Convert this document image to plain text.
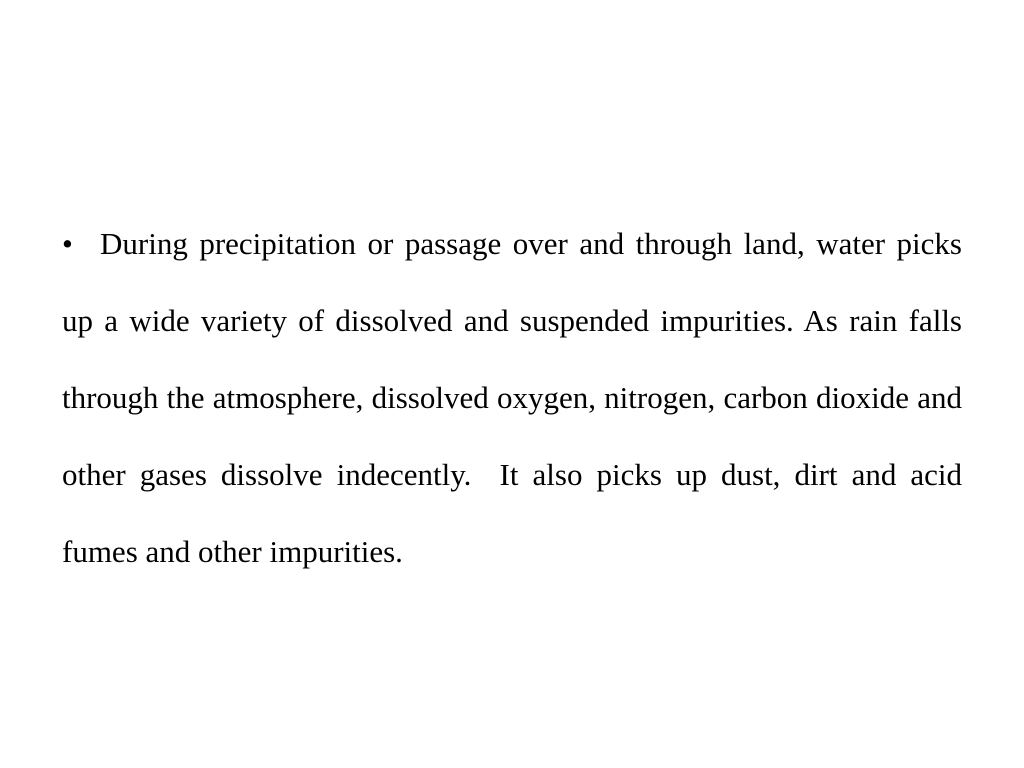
• During precipitation or passage over and through land, water picks up a wide variety of dissolved and suspended impurities. As rain falls through the atmosphere, dissolved oxygen, nitrogen, carbon dioxide and other gases dissolve indecently.  It also picks up dust, dirt and acid fumes and other impurities.
